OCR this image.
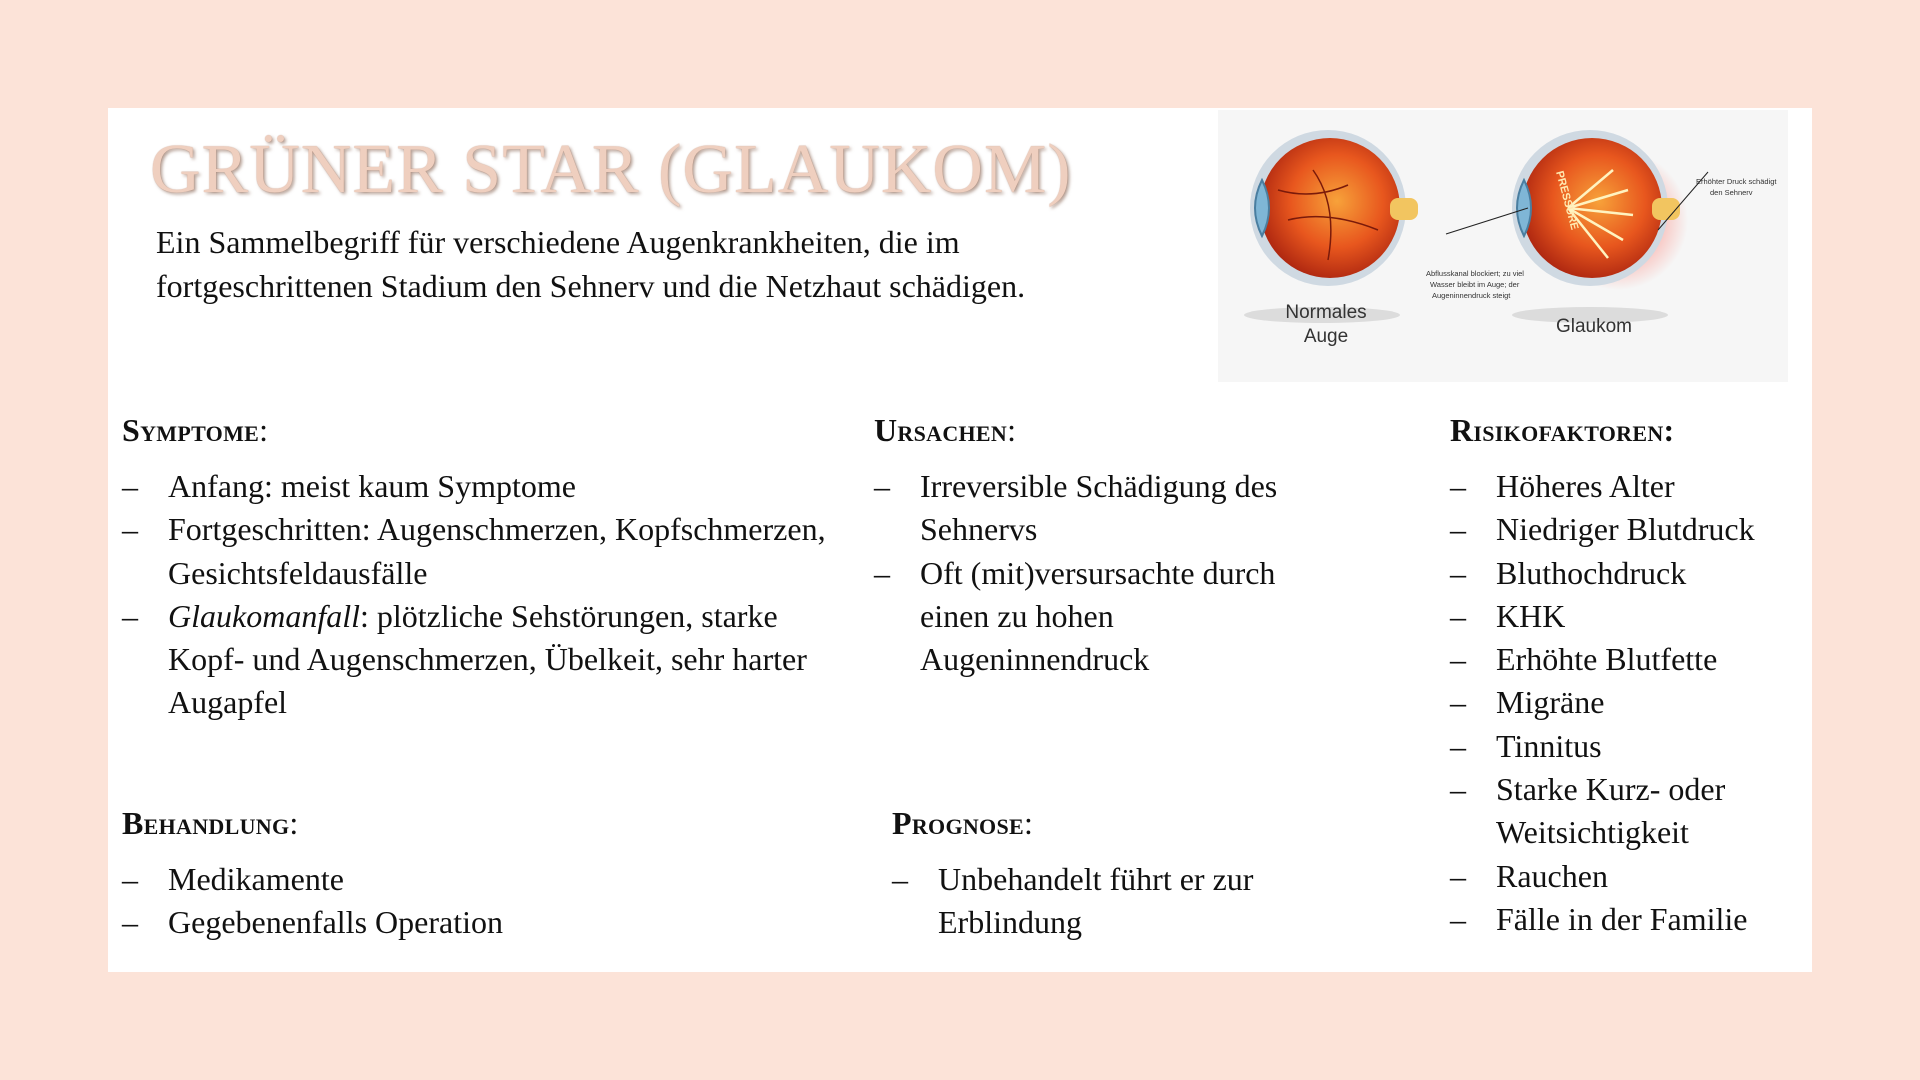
GRÜNER STAR (GLAUKOM)

Ein Sammelbegriff für verschiedene Augenkrankheiten, die im fortgeschrittenen Stadium den Sehnerv und die Netzhaut schädigen.

PRESSURE	Erhöhter Druck schädigt
den Sehnerv
Abflusskanal blockiert; zu viel
Wasser bleibt im Auge; der
Augeninnendruck steigt
Normales
Auge	Glaukom
Symptome:
– Anfang: meist kaum Symptome
– Fortgeschritten: Augenschmerzen, Kopfschmerzen, Gesichtsfeldausfälle
– Glaukomanfall: plötzliche Sehstörungen, starke Kopf- und Augenschmerzen, Übelkeit, sehr harter Augapfel
Ursachen:
– Irreversible Schädigung des Sehnervs
– Oft (mit)versursachte durch einen zu hohen Augeninnendruck
Risikofaktoren:
– Höheres Alter
– Niedriger Blutdruck
– Bluthochdruck
– KHK
– Erhöhte Blutfette
– Migräne
– Tinnitus
– Starke Kurz- oder Weitsichtigkeit
– Rauchen
– Fälle in der Familie
Behandlung:
– Medikamente
– Gegebenenfalls Operation
Prognose:
– Unbehandelt führt er zur Erblindung
